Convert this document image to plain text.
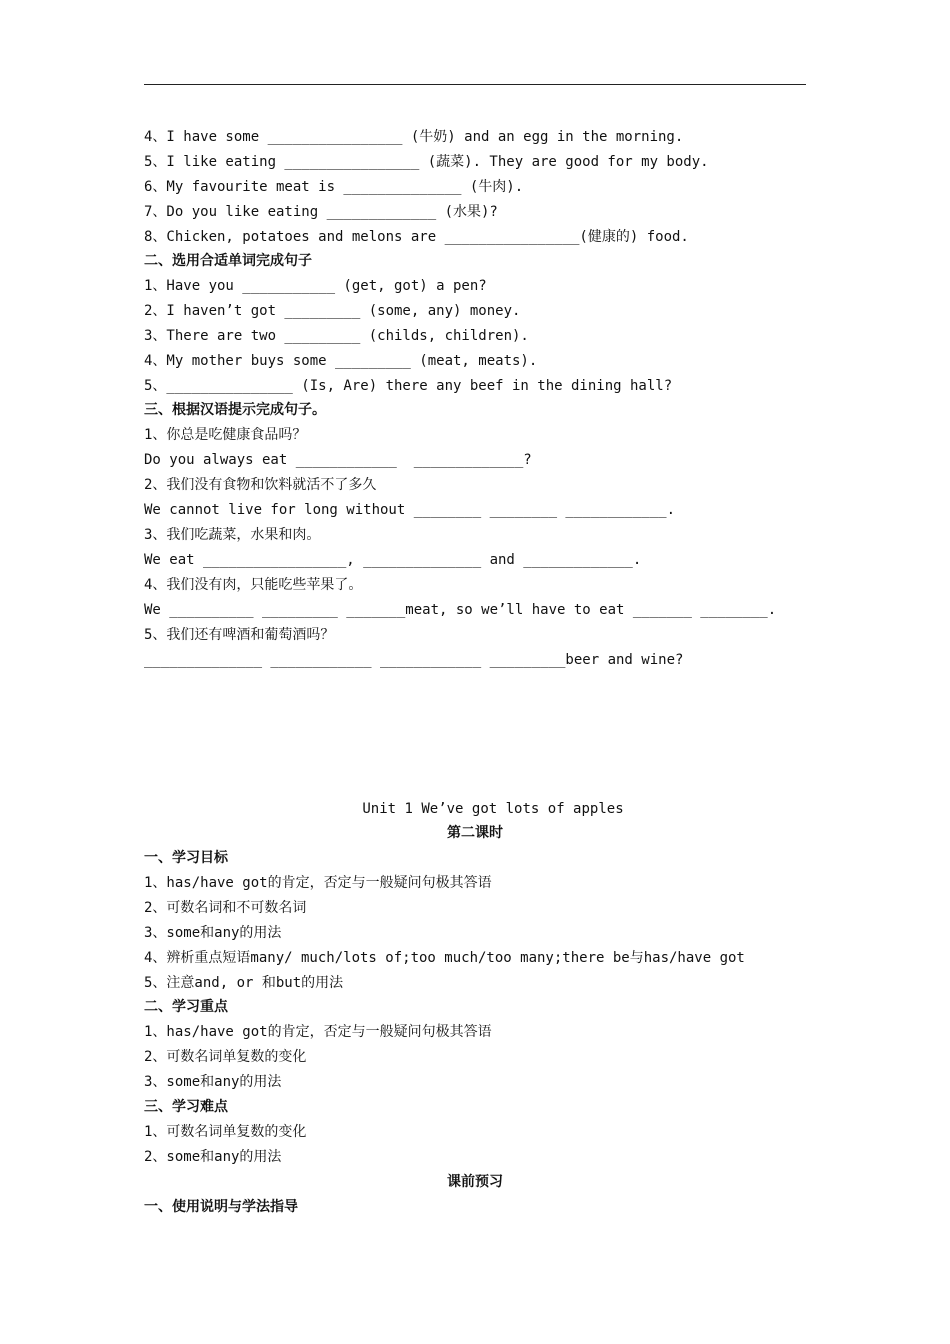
4、I have some ________________ (牛奶) and an egg in the morning.
5、I like eating ________________ (蔬菜). They are good for my body.
6、My favourite meat is ______________ (牛肉).
7、Do you like eating _____________ (水果)?
8、Chicken, potatoes and melons are ________________(健康的) food.
二、选用合适单词完成句子
1、Have you ___________ (get, got) a pen?
2、I haven’t got _________ (some, any) money.
3、There are two _________ (childs, children).
4、My mother buys some _________ (meat, meats).
5、_______________ (Is, Are) there any beef in the dining hall?
三、根据汉语提示完成句子。
1、你总是吃健康食品吗？
Do you always eat ____________  _____________?
2、我们没有食物和饮料就活不了多久
We cannot live for long without ________ ________ ____________.
3、我们吃蔬菜，水果和肉。
We eat _________________, ______________ and _____________.
4、我们没有肉，只能吃些苹果了。
We __________ _________ _______meat, so we’ll have to eat _______ ________.
5、我们还有啤酒和葡萄酒吗？
______________ ____________ ____________ _________beer and wine?
Unit 1 We’ve got lots of apples
第二课时
一、学习目标
1、has/have got的肯定，否定与一般疑问句极其答语
2、可数名词和不可数名词
3、some和any的用法
4、辨析重点短语many/ much/lots of;too much/too many;there be与has/have got
5、注意and, or 和but的用法
二、学习重点
1、has/have got的肯定，否定与一般疑问句极其答语
2、可数名词单复数的变化
3、some和any的用法
三、学习难点
1、可数名词单复数的变化
2、some和any的用法
课前预习
一、使用说明与学法指导
